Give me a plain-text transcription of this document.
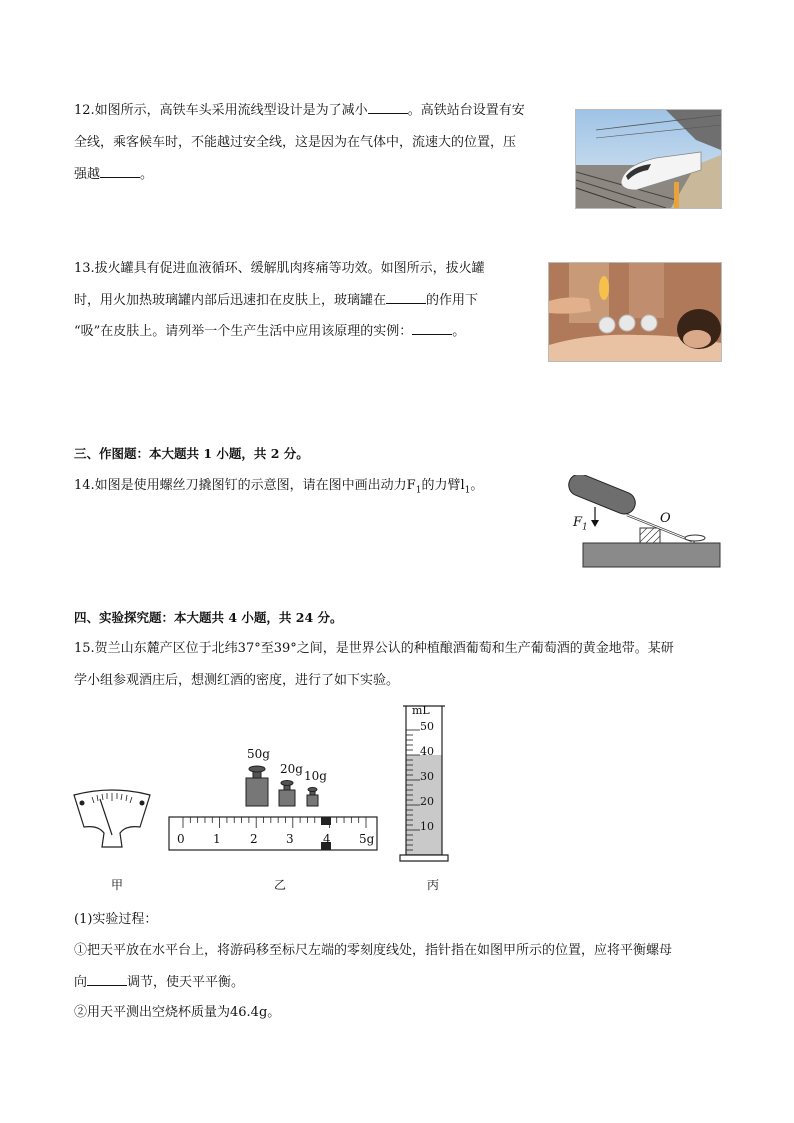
12.如图所示，高铁车头采用流线型设计是为了减小	。高铁站台设置有安
全线，乘客候车时，不能越过安全线，这是因为在气体中，流速大的位置，压
强越	。
13.拔火罐具有促进血液循环、缓解肌肉疼痛等功效。如图所示，拔火罐
时，用火加热玻璃罐内部后迅速扣在皮肤上，玻璃罐在	的作用下
“吸”在皮肤上。请列举一个生产生活中应用该原理的实例：	。
三、作图题：本大题共 1 小题，共 2 分。
14.如图是使用螺丝刀撬图钉的示意图，请在图中画出动力$F_1$的力臂$l_1$。
$F_1$
O
四、实验探究题：本大题共 4 小题，共 24 分。
15.贺兰山东麓产区位于北纬37°至39°之间，是世界公认的种植酿酒葡萄和生产葡萄酒的黄金地带。某研
学小组参观酒庄后，想测红酒的密度，进行了如下实验。
50g
20g 10g
0 1 2 3 4 5g
mL
50
40
30
20
10
甲	乙	丙
(1)实验过程：
①把天平放在水平台上，将游码移至标尺左端的零刻度线处，指针指在如图甲所示的位置，应将平衡螺母
向	调节，使天平平衡。
②用天平测出空烧杯质量为46.4g。
